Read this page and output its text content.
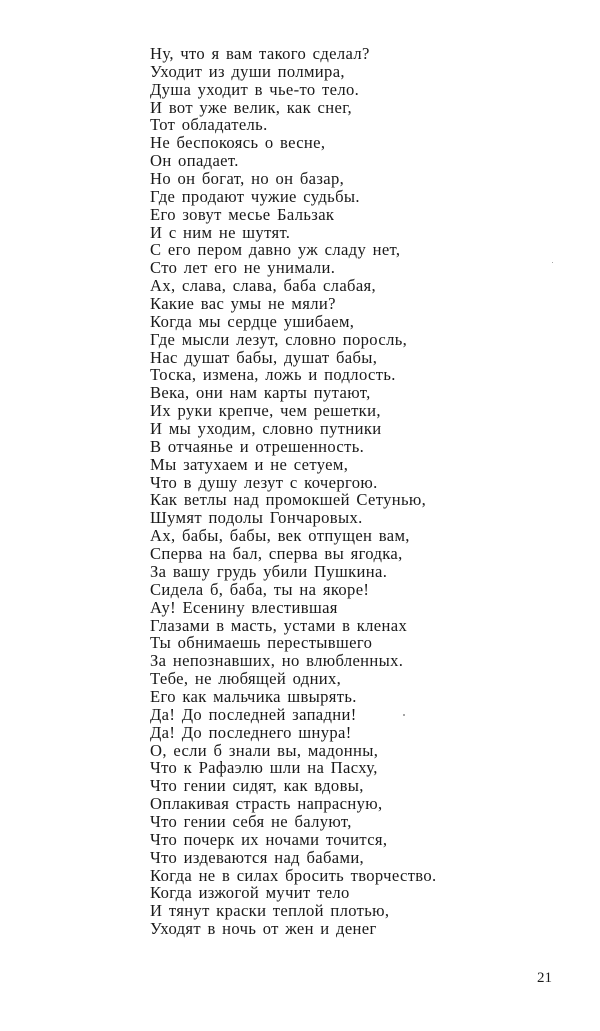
Ну, что я вам такого сделал?
Уходит из души полмира,
Душа уходит в чье-то тело.
И вот уже велик, как снег,
Тот обладатель.
Не беспокоясь о весне,
Он опадает.
Но он богат, но он базар,
Где продают чужие судьбы.
Его зовут месье Бальзак
И с ним не шутят.
С его пером давно уж сладу нет,
Сто лет его не унимали.
Ах, слава, слава, баба слабая,
Какие вас умы не мяли?
Когда мы сердце ушибаем,
Где мысли лезут, словно поросль,
Нас душат бабы, душат бабы,
Тоска, измена, ложь и подлость.
Века, они нам карты путают,
Их руки крепче, чем решетки,
И мы уходим, словно путники
В отчаянье и отрешенность.
Мы затухаем и не сетуем,
Что в душу лезут с кочергою.
Как ветлы над промокшей Сетунью,
Шумят подолы Гончаровых.
Ах, бабы, бабы, век отпущен вам,
Сперва на бал, сперва вы ягодка,
За вашу грудь убили Пушкина.
Сидела б, баба, ты на якоре!
Ау! Есенину влестившая
Глазами в масть, устами в кленах
Ты обнимаешь перестывшего
За непознавших, но влюбленных.
Тебе, не любящей одних,
Его как мальчика швырять.
Да! До последней западни!
Да! До последнего шнура!
О, если б знали вы, мадонны,
Что к Рафаэлю шли на Пасху,
Что гении сидят, как вдовы,
Оплакивая страсть напрасную,
Что гении себя не балуют,
Что почерк их ночами точится,
Что издеваются над бабами,
Когда не в силах бросить творчество.
Когда изжогой мучит тело
И тянут краски теплой плотью,
Уходят в ночь от жен и денег
21
